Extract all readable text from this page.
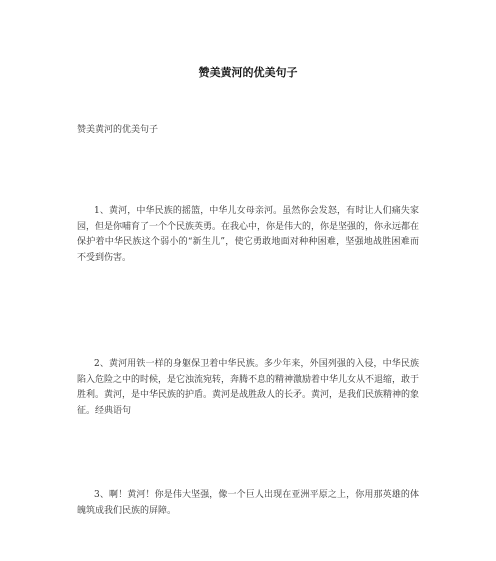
赞美黄河的优美句子
赞美黄河的优美句子

1、黄河，中华民族的摇篮，中华儿女母亲河。虽然你会发怒，有时让人们痛失家园，但是你哺育了一个个民族英勇。在我心中，你是伟大的，你是坚强的，你永远都在保护着中华民族这个弱小的“新生儿”，使它勇敢地面对种种困难，坚强地战胜困难而不受到伤害。

2、黄河用铁一样的身躯保卫着中华民族。多少年来，外国列强的入侵，中华民族陷入危险之中的时候，是它浊流宛转，奔腾不息的精神激励着中华儿女从不退缩，敢于胜利。黄河，是中华民族的护盾。黄河是战胜敌人的长矛。黄河，是我们民族精神的象征。经典语句

3、啊！黄河！你是伟大坚强，像一个巨人出现在亚洲平原之上，你用那英雄的体魄筑成我们民族的屏障。
